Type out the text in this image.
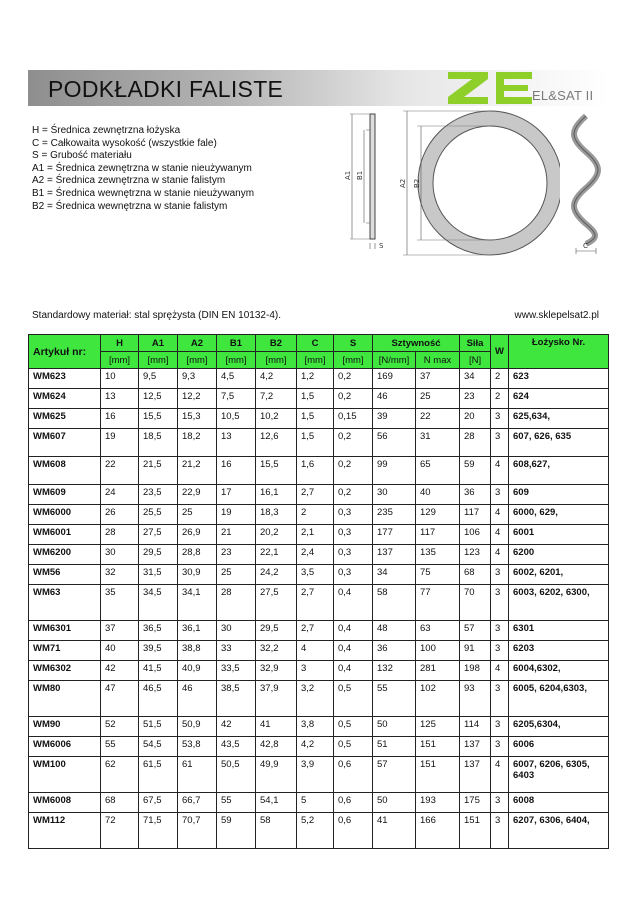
PODKŁADKI FALISTE	EL&SAT II
H = Średnica zewnętrzna łożyska
C = Całkowaita wysokość (wszystkie fale)
S = Grubość materiału
A1 = Średnica zewnętrzna w stanie nieużywanym
A2 = Średnica zewnętrzna w stanie falistym
B1 = Średnica wewnętrzna w stanie nieużywanym
B2 = Średnica wewnętrzna w stanie falistym
A1 B1
S
A2 B2
C
Standardowy materiał: stal sprężysta (DIN EN 10132-4).	www.sklepelsat2.pl
Artykuł nr:	H	A1	A2	B1	B2	C	S	Sztywność		Siła	W	Łożysko Nr.
	[mm]	[mm]	[mm]	[mm]	[mm]	[mm]	[mm]	[N/mm]	N max	[N]		
WM623	10	9,5	9,3	4,5	4,2	1,2	0,2	169	37	34	2	623
WM624	13	12,5	12,2	7,5	7,2	1,5	0,2	46	25	23	2	624
WM625	16	15,5	15,3	10,5	10,2	1,5	0,15	39	22	20	3	625,634,
WM607	19	18,5	18,2	13	12,6	1,5	0,2	56	31	28	3	607, 626, 635
WM608	22	21,5	21,2	16	15,5	1,6	0,2	99	65	59	4	608,627,
WM609	24	23,5	22,9	17	16,1	2,7	0,2	30	40	36	3	609
WM6000	26	25,5	25	19	18,3	2	0,3	235	129	117	4	6000, 629,
WM6001	28	27,5	26,9	21	20,2	2,1	0,3	177	117	106	4	6001
WM6200	30	29,5	28,8	23	22,1	2,4	0,3	137	135	123	4	6200
WM56	32	31,5	30,9	25	24,2	3,5	0,3	34	75	68	3	6002, 6201,
WM63	35	34,5	34,1	28	27,5	2,7	0,4	58	77	70	3	6003, 6202, 6300,
WM6301	37	36,5	36,1	30	29,5	2,7	0,4	48	63	57	3	6301
WM71	40	39,5	38,8	33	32,2	4	0,4	36	100	91	3	6203
WM6302	42	41,5	40,9	33,5	32,9	3	0,4	132	281	198	4	6004,6302,
WM80	47	46,5	46	38,5	37,9	3,2	0,5	55	102	93	3	6005, 6204,6303,
WM90	52	51,5	50,9	42	41	3,8	0,5	50	125	114	3	6205,6304,
WM6006	55	54,5	53,8	43,5	42,8	4,2	0,5	51	151	137	3	6006
WM100	62	61,5	61	50,5	49,9	3,9	0,6	57	151	137	4	6007, 6206, 6305, 6403
WM6008	68	67,5	66,7	55	54,1	5	0,6	50	193	175	3	6008
WM112	72	71,5	70,7	59	58	5,2	0,6	41	166	151	3	6207, 6306, 6404,
